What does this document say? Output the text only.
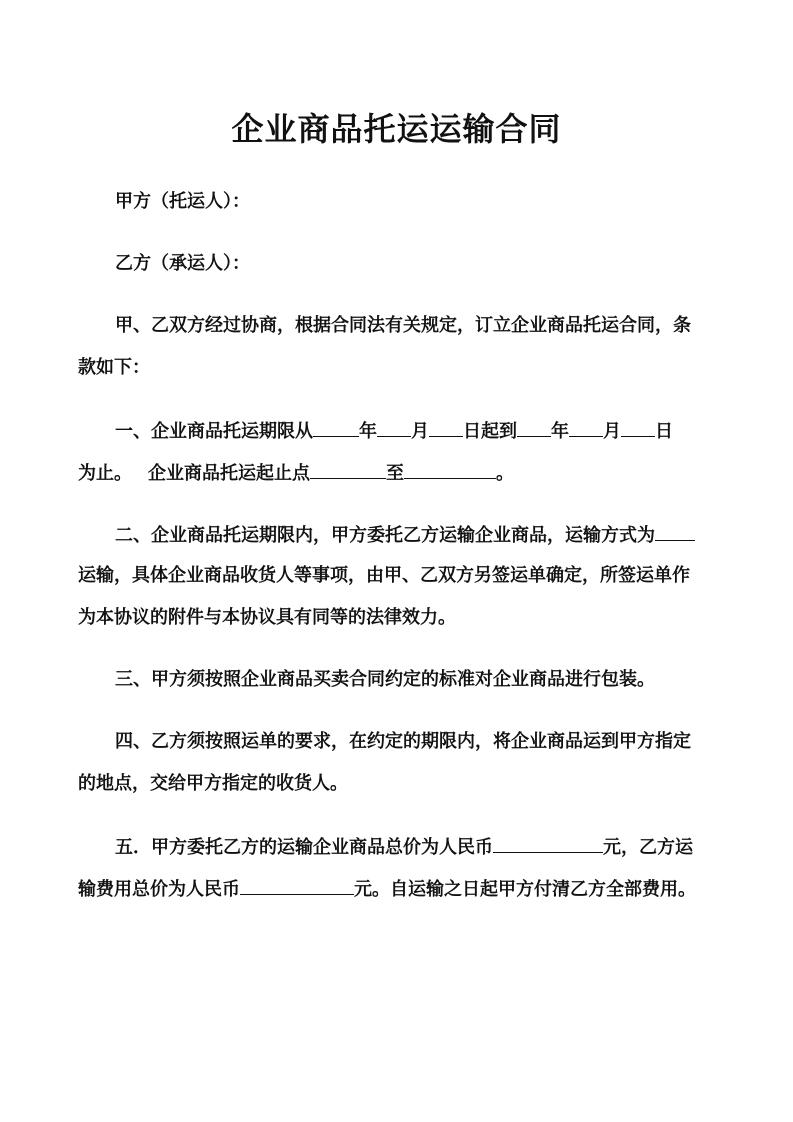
企业商品托运运输合同
甲方（托运人）：
乙方（承运人）：
甲、乙双方经过协商，根据合同法有关规定，订立企业商品托运合同，条
款如下：
一、企业商品托运期限从	年 月 日起到 年 月 日
为止。 企业商品托运起止点	至	。
二、企业商品托运期限内，甲方委托乙方运输企业商品，运输方式为
运输，具体企业商品收货人等事项，由甲、乙双方另签运单确定，所签运单作
为本协议的附件与本协议具有同等的法律效力。
三、甲方须按照企业商品买卖合同约定的标准对企业商品进行包装。
四、乙方须按照运单的要求，在约定的期限内，将企业商品运到甲方指定
的地点，交给甲方指定的收货人。
五．甲方委托乙方的运输企业商品总价为人民币	元，乙方运
输费用总价为人民币	元。自运输之日起甲方付清乙方全部费用。
